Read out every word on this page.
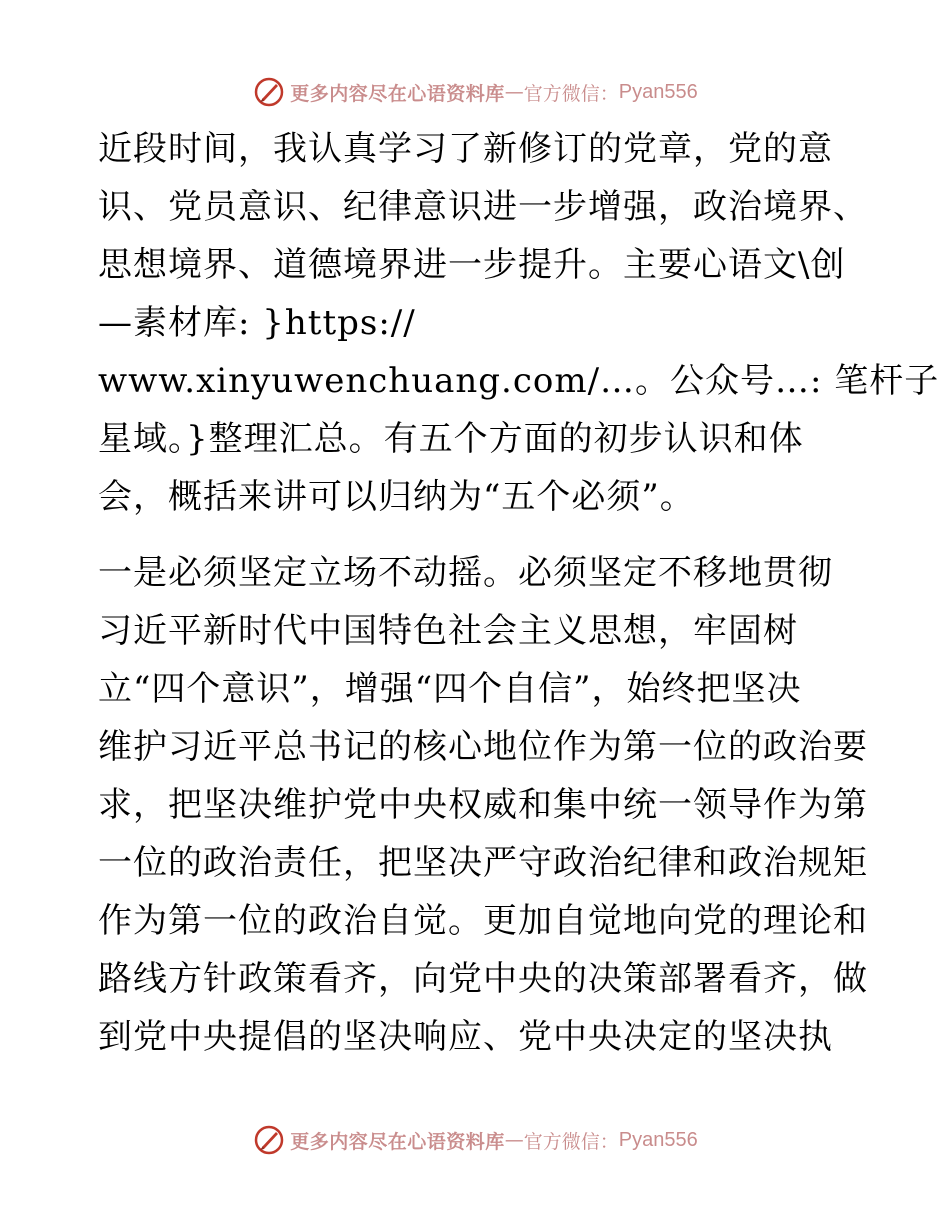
更多内容尽在心语资料库 — 官方微信： Pyan556
近段时间，我认真学习了新修订的党章，党的意
识、党员意识、纪律意识进一步增强，政治境界、
思想境界、道德境界进一步提升。主要心语文\创
—素材库: }https://
www.xinyuwenchuang.com/…。公众号…: 笔杆子
星域。}整理汇总。有五个方面的初步认识和体
会，概括来讲可以归纳为“五个必须”。
一是必须坚定立场不动摇。必须坚定不移地贯彻
习近平新时代中国特色社会主义思想，牢固树
立“四个意识”，增强“四个自信”，始终把坚决
维护习近平总书记的核心地位作为第一位的政治要
求，把坚决维护党中央权威和集中统一领导作为第
一位的政治责任，把坚决严守政治纪律和政治规矩
作为第一位的政治自觉。更加自觉地向党的理论和
路线方针政策看齐，向党中央的决策部署看齐，做
到党中央提倡的坚决响应、党中央决定的坚决执
更多内容尽在心语资料库 — 官方微信： Pyan556
